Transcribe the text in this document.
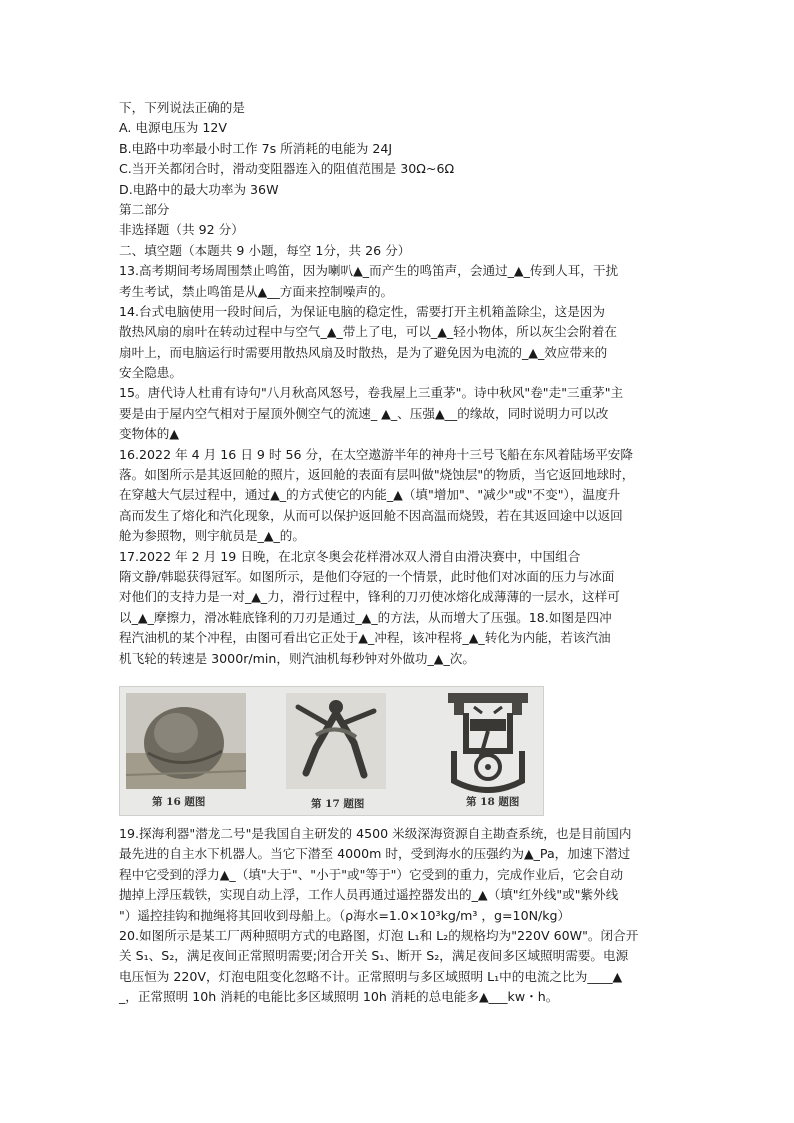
下，下列说法正确的是
A. 电源电压为 12V
B.电路中功率最小时工作 7s 所消耗的电能为 24J
C.当开关都闭合时，滑动变阻器连入的阻值范围是 30Ω~6Ω
D.电路中的最大功率为 36W
第二部分
非选择题（共 92 分）
二、填空题（本题共 9 小题，每空 1分，共 26 分）
13.高考期间考场周围禁止鸣笛，因为喇叭▲_而产生的鸣笛声，会通过_▲_传到人耳，干扰
考生考试，禁止鸣笛是从▲__方面来控制噪声的。
14.台式电脑使用一段时间后，为保证电脑的稳定性，需要打开主机箱盖除尘，这是因为
散热风扇的扇叶在转动过程中与空气_▲_带上了电，可以_▲_轻小物体，所以灰尘会附着在
扇叶上，而电脑运行时需要用散热风扇及时散热，是为了避免因为电流的_▲_效应带来的
安全隐患。
15。唐代诗人杜甫有诗句"八月秋高风怒号，卷我屋上三重茅"。诗中秋风"卷"走"三重茅"主
要是由于屋内空气相对于屋顶外侧空气的流速_ ▲_、压强▲__的缘故，同时说明力可以改
变物体的▲
16.2022 年 4 月 16 日 9 时 56 分，在太空遨游半年的神舟十三号飞船在东风着陆场平安降
落。如图所示是其返回舱的照片，返回舱的表面有层叫做"烧蚀层"的物质，当它返回地球时，
在穿越大气层过程中，通过▲_的方式使它的内能_▲（填"增加"、"减少"或"不变"），温度升
高而发生了熔化和汽化现象，从而可以保护返回舱不因高温而烧毁，若在其返回途中以返回
舱为参照物，则宇航员是_▲_的。
17.2022 年 2 月 19 日晚，在北京冬奥会花样滑冰双人滑自由滑决赛中，中国组合
隋文静/韩聪获得冠军。如图所示，是他们夺冠的一个情景，此时他们对冰面的压力与冰面
对他们的支持力是一对_▲_力，滑行过程中，锋利的刀刃使冰熔化成薄薄的一层水，这样可
以_▲_摩擦力，滑冰鞋底锋利的刀刃是通过_▲_的方法，从而增大了压强。18.如图是四冲
程汽油机的某个冲程，由图可看出它正处于▲_冲程，该冲程将_▲_转化为内能，若该汽油
机飞轮的转速是 3000r/min，则汽油机每秒钟对外做功_▲_次。
第 16 题图	第 17 题图	第 18 题图
19.探海利器"潜龙二号"是我国自主研发的 4500 米级深海资源自主勘查系统，也是目前国内
最先进的自主水下机器人。当它下潜至 4000m 时，受到海水的压强约为▲_Pa，加速下潜过
程中它受到的浮力▲_（填"大于"、"小于"或"等于"）它受到的重力，完成作业后，它会自动
抛掉上浮压载铁，实现自动上浮，工作人员再通过遥控器发出的_▲（填"红外线"或"紫外线
"）遥控挂钩和抛绳将其回收到母船上。（ρ海水=1.0×10³kg/m³ ，g=10N/kg）
20.如图所示是某工厂两种照明方式的电路图，灯泡 L₁和 L₂的规格均为"220V 60W"。闭合开
关 S₁、S₂，满足夜间正常照明需要;闭合开关 S₁、断开 S₂，满足夜间多区域照明需要。电源
电压恒为 220V，灯泡电阻变化忽略不计。正常照明与多区域照明 L₁中的电流之比为____▲
_，正常照明 10h 消耗的电能比多区域照明 10h 消耗的总电能多▲___kw・h。
